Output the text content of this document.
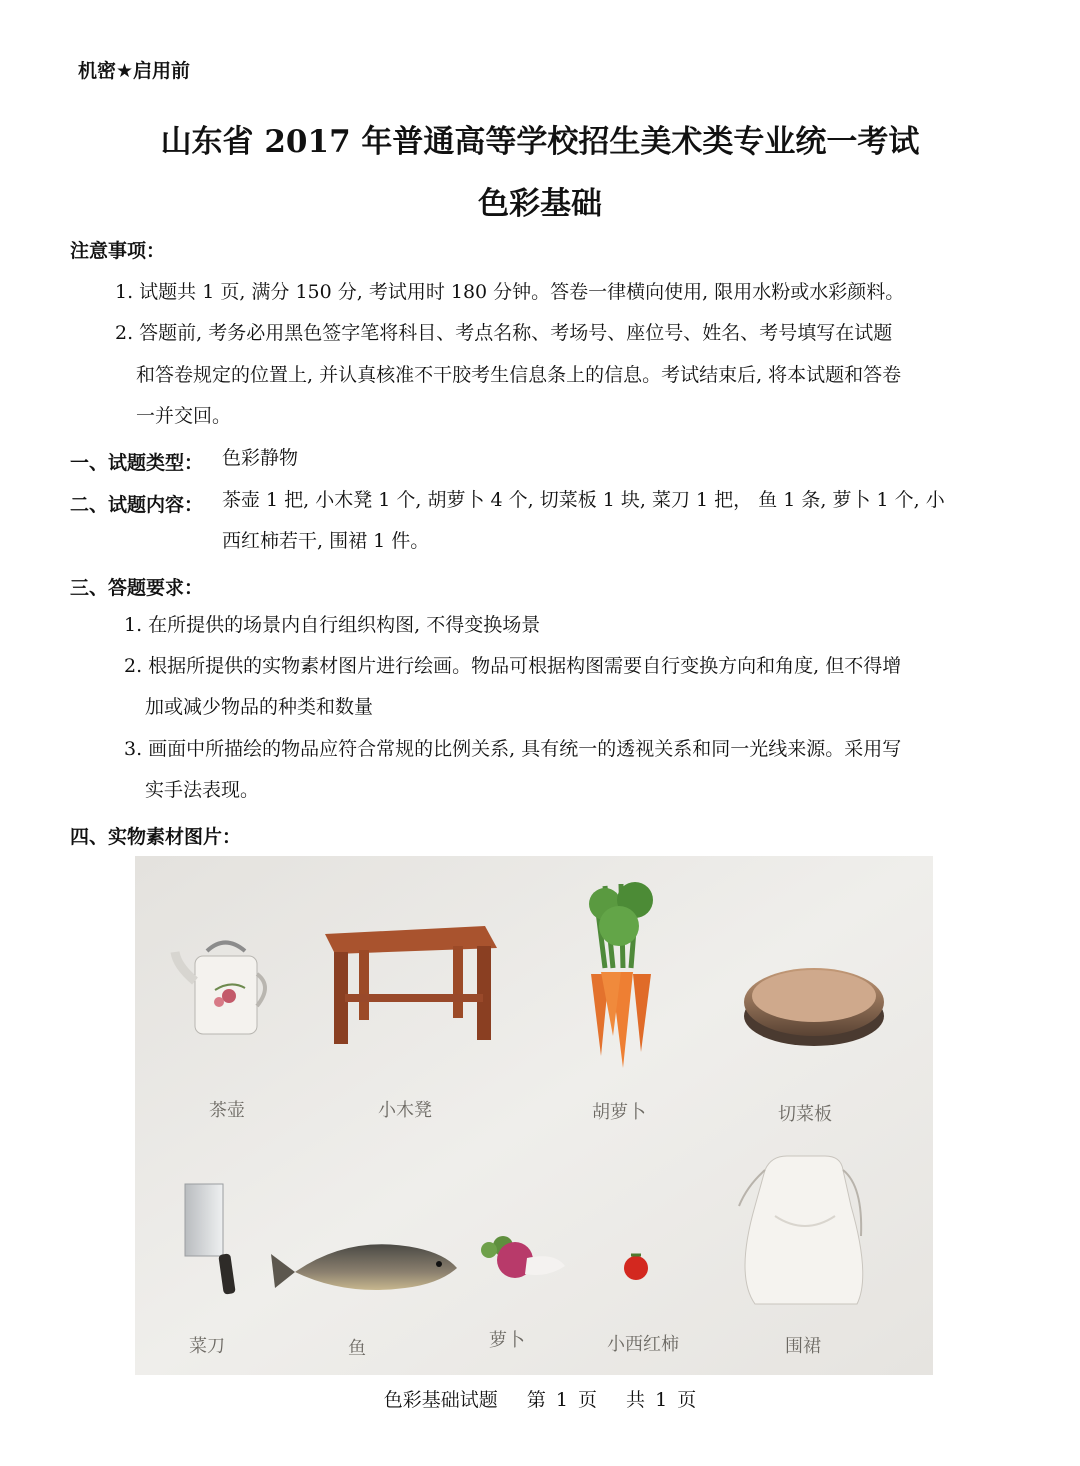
机密★启用前
山东省 2017 年普通高等学校招生美术类专业统一考试
色彩基础
注意事项：
1. 试题共 1 页, 满分 150 分, 考试用时 180 分钟。答卷一律横向使用, 限用水粉或水彩颜料。
2. 答题前, 考务必用黑色签字笔将科目、考点名称、考场号、座位号、姓名、考号填写在试题
和答卷规定的位置上, 并认真核准不干胶考生信息条上的信息。考试结束后, 将本试题和答卷
一并交回。
一、试题类型： 色彩静物
二、试题内容： 茶壶 1 把, 小木凳 1 个, 胡萝卜 4 个, 切菜板 1 块, 菜刀 1 把， 鱼 1 条, 萝卜 1 个, 小
西红柿若干, 围裙 1 件。
三、答题要求：
1. 在所提供的场景内自行组织构图, 不得变换场景
2. 根据所提供的实物素材图片进行绘画。物品可根据构图需要自行变换方向和角度, 但不得增
加或减少物品的种类和数量
3. 画面中所描绘的物品应符合常规的比例关系, 具有统一的透视关系和同一光线来源。采用写
实手法表现。
四、实物素材图片：
茶壶	小木凳	胡萝卜	切菜板
菜刀	鱼	萝卜	小西红柿	围裙
色彩基础试题　 第 1 页　 共 1 页
